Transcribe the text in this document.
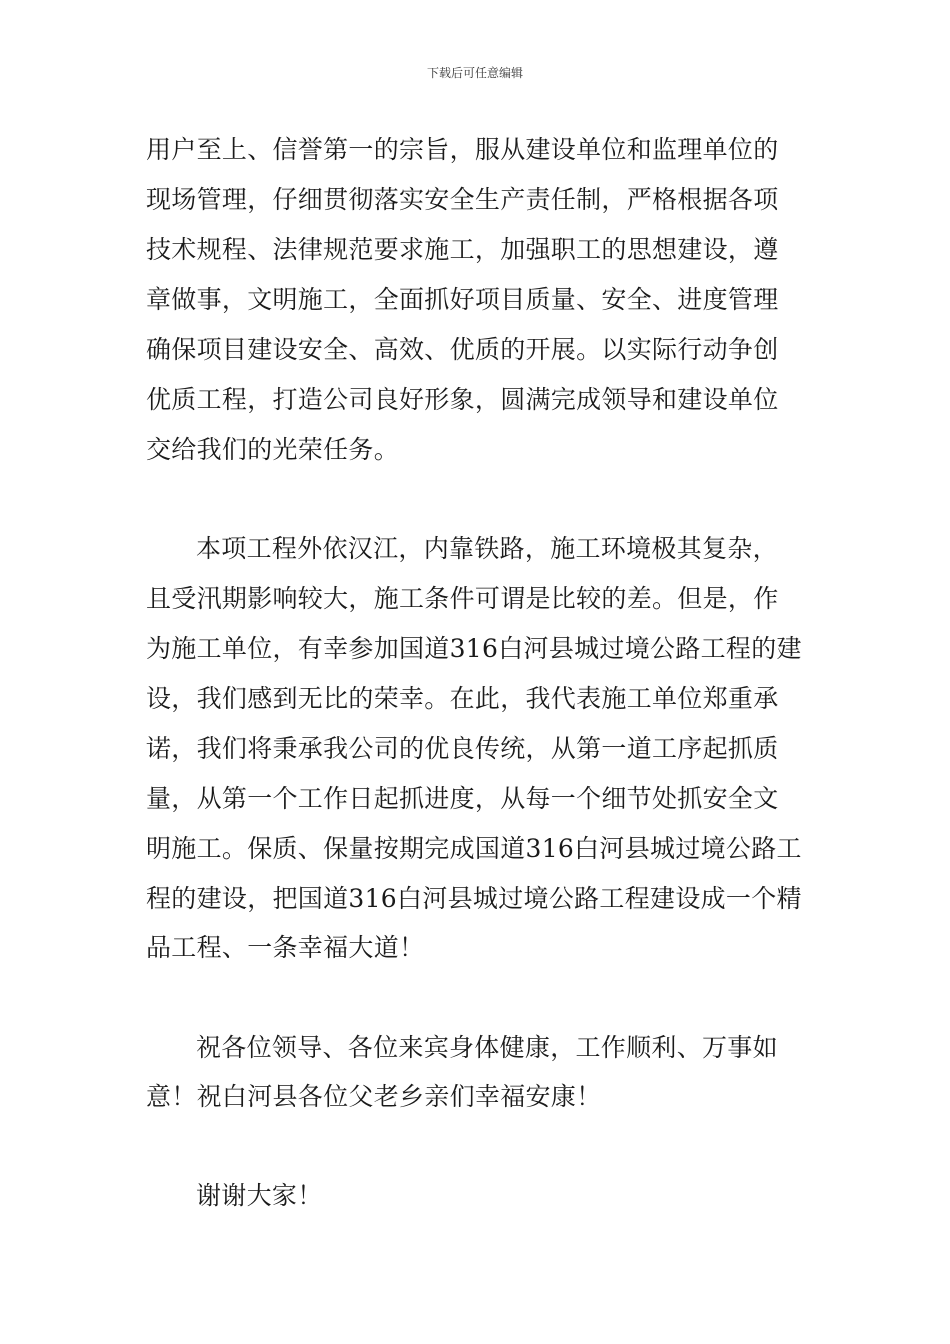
下载后可任意编辑
用户至上、信誉第一的宗旨，服从建设单位和监理单位的
现场管理，仔细贯彻落实安全生产责任制，严格根据各项
技术规程、法律规范要求施工，加强职工的思想建设，遵
章做事，文明施工，全面抓好项目质量、安全、进度管理
确保项目建设安全、高效、优质的开展。以实际行动争创
优质工程，打造公司良好形象，圆满完成领导和建设单位
交给我们的光荣任务。
本项工程外依汉江，内靠铁路，施工环境极其复杂，
且受汛期影响较大，施工条件可谓是比较的差。但是，作
为施工单位，有幸参加国道316白河县城过境公路工程的建
设，我们感到无比的荣幸。在此，我代表施工单位郑重承
诺，我们将秉承我公司的优良传统，从第一道工序起抓质
量，从第一个工作日起抓进度，从每一个细节处抓安全文
明施工。保质、保量按期完成国道316白河县城过境公路工
程的建设，把国道316白河县城过境公路工程建设成一个精
品工程、一条幸福大道！
祝各位领导、各位来宾身体健康，工作顺利、万事如
意！祝白河县各位父老乡亲们幸福安康！
谢谢大家！
